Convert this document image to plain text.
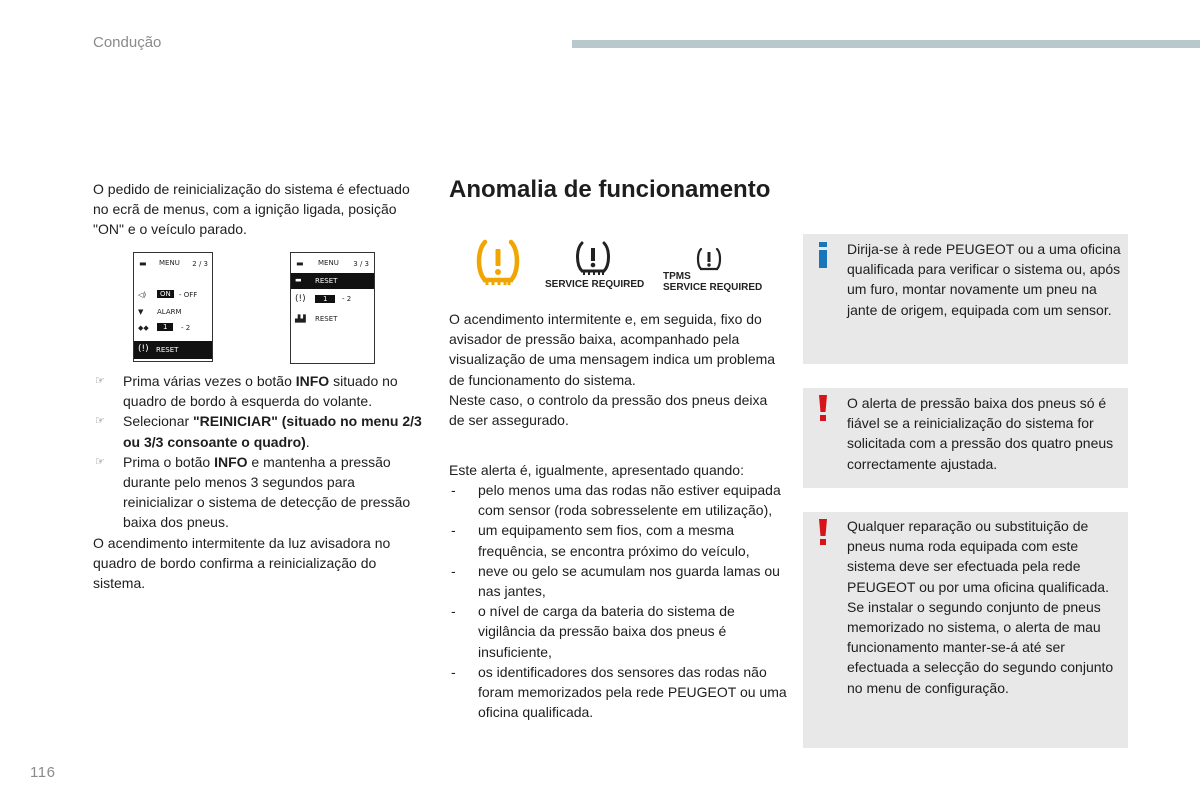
Condução
O pedido de reinicialização do sistema é efectuado no ecrã de menus, com a ignição ligada, posição "ON" e o veículo parado.
▬ MENU 2 / 3
◁)	ON	- OFF
▼ ALARM
◆◆	1	- 2
(!) RESET
▬ MENU 3 / 3
▬ RESET
(!)	1	- 2
▟▟ RESET
☞ Prima várias vezes o botão INFO situado no quadro de bordo à esquerda do volante.
☞ Selecionar "REINICIAR" (situado no menu 2/3 ou 3/3 consoante o quadro).
☞ Prima o botão INFO e mantenha a pressão durante pelo menos 3 segundos para reinicializar o sistema de detecção de pressão baixa dos pneus.
O acendimento intermitente da luz avisadora no quadro de bordo confirma a reinicialização do sistema.
Anomalia de funcionamento
SERVICE REQUIRED
TPMS
SERVICE REQUIRED
O acendimento intermitente e, em seguida, fixo do avisador de pressão baixa, acompanhado pela visualização de uma mensagem indica um problema de funcionamento do sistema.
Neste caso, o controlo da pressão dos pneus deixa de ser assegurado.
Este alerta é, igualmente, apresentado quando:
- pelo menos uma das rodas não estiver equipada com sensor (roda sobresselente em utilização),
- um equipamento sem fios, com a mesma frequência, se encontra próximo do veículo,
- neve ou gelo se acumulam nos guarda lamas ou nas jantes,
- o nível de carga da bateria do sistema de vigilância da pressão baixa dos pneus é insuficiente,
- os identificadores dos sensores das rodas não foram memorizados pela rede PEUGEOT ou uma oficina qualificada.
Dirija-se à rede PEUGEOT ou a uma oficina qualificada para verificar o sistema ou, após um furo, montar novamente um pneu na jante de origem, equipada com um sensor.
O alerta de pressão baixa dos pneus só é fiável se a reinicialização do sistema for solicitada com a pressão dos quatro pneus correctamente ajustada.
Qualquer reparação ou substituição de pneus numa roda equipada com este sistema deve ser efectuada pela rede PEUGEOT ou por uma oficina qualificada.
Se instalar o segundo conjunto de pneus memorizado no sistema, o alerta de mau funcionamento manter-se-á até ser efectuada a selecção do segundo conjunto no menu de configuração.
116
